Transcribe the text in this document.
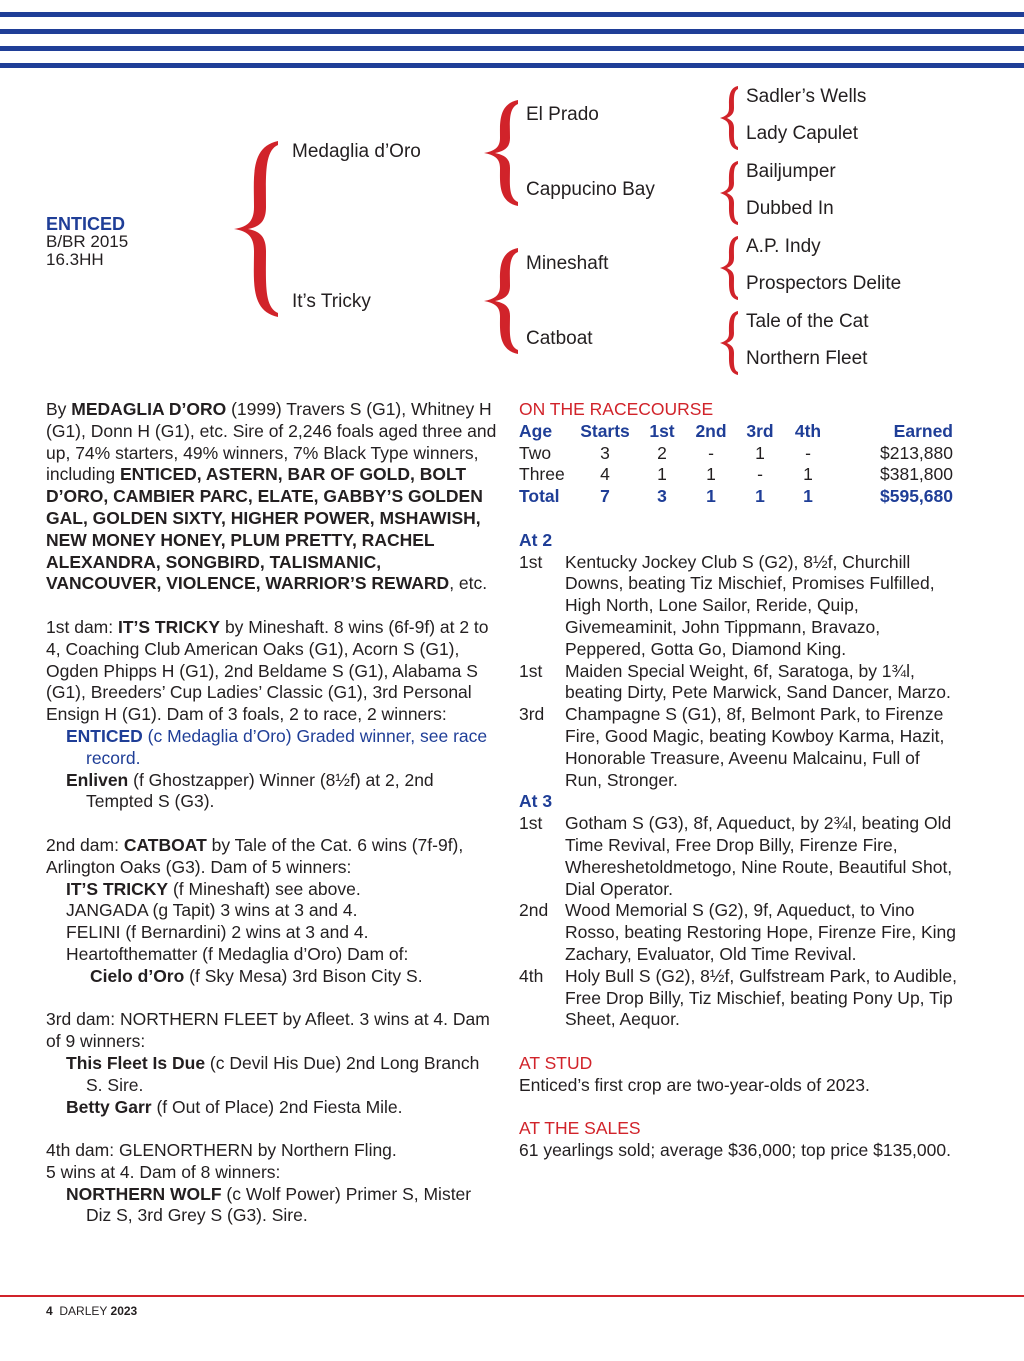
ENTICED
B/BR 2015
16.3HH
Medaglia d’Oro
It’s Tricky
El Prado
Cappucino Bay
Mineshaft
Catboat
Sadler’s Wells
Lady Capulet
Bailjumper
Dubbed In
A.P. Indy
Prospectors Delite
Tale of the Cat
Northern Fleet

By MEDAGLIA D’ORO (1999) Travers S (G1), Whitney H (G1), Donn H (G1), etc. Sire of 2,246 foals aged three and up, 74% starters, 49% winners, 7% Black Type winners, including ENTICED, ASTERN, BAR OF GOLD, BOLT D’ORO, CAMBIER PARC, ELATE, GABBY’S GOLDEN GAL, GOLDEN SIXTY, HIGHER POWER, MSHAWISH, NEW MONEY HONEY, PLUM PRETTY, RACHEL ALEXANDRA, SONGBIRD, TALISMANIC, VANCOUVER, VIOLENCE, WARRIOR’S REWARD, etc.

1st dam: IT’S TRICKY by Mineshaft. 8 wins (6f-9f) at 2 to 4, Coaching Club American Oaks (G1), Acorn S (G1), Ogden Phipps H (G1), 2nd Beldame S (G1), Alabama S (G1), Breeders’ Cup Ladies’ Classic (G1), 3rd Personal Ensign H (G1). Dam of 3 foals, 2 to race, 2 winners:

ENTICED (c Medaglia d’Oro) Graded winner, see race record.

Enliven (f Ghostzapper) Winner (8½f) at 2, 2nd Tempted S (G3).

2nd dam: CATBOAT by Tale of the Cat. 6 wins (7f-9f), Arlington Oaks (G3). Dam of 5 winners:

IT’S TRICKY (f Mineshaft) see above.

JANGADA (g Tapit) 3 wins at 3 and 4.

FELINI (f Bernardini) 2 wins at 3 and 4.

Heartofthematter (f Medaglia d’Oro) Dam of:

Cielo d’Oro (f Sky Mesa) 3rd Bison City S.

3rd dam: NORTHERN FLEET by Afleet. 3 wins at 4. Dam of 9 winners:

This Fleet Is Due (c Devil His Due) 2nd Long Branch S. Sire.

Betty Garr (f Out of Place) 2nd Fiesta Mile.

4th dam: GLENORTHERN by Northern Fling.

5 wins at 4. Dam of 8 winners:

NORTHERN WOLF (c Wolf Power) Primer S, Mister Diz S, 3rd Grey S (G3). Sire.

ON THE RACECOURSE

Age	Starts	1st	2nd	3rd	4th	Earned
Two	3	2	-	1	-	$213,880
Three	4	1	1	-	1	$381,800
Total	7	3	1	1	1	$595,680

At 2

1st	Kentucky Jockey Club S (G2), 8½f, Churchill Downs, beating Tiz Mischief, Promises Fulfilled, High North, Lone Sailor, Reride, Quip, Givemeaminit, John Tippmann, Bravazo, Peppered, Gotta Go, Diamond King.
1st	Maiden Special Weight, 6f, Saratoga, by 1¾l, beating Dirty, Pete Marwick, Sand Dancer, Marzo.
3rd	Champagne S (G1), 8f, Belmont Park, to Firenze Fire, Good Magic, beating Kowboy Karma, Hazit, Honorable Treasure, Aveenu Malcainu, Full of Run, Stronger.

At 3

1st	Gotham S (G3), 8f, Aqueduct, by 2¾l, beating Old Time Revival, Free Drop Billy, Firenze Fire, Whereshetoldmetogo, Nine Route, Beautiful Shot, Dial Operator.
2nd Wood Memorial S (G2), 9f, Aqueduct, to Vino Rosso, beating Restoring Hope, Firenze Fire, King Zachary, Evaluator, Old Time Revival.
4th	Holy Bull S (G2), 8½f, Gulfstream Park, to Audible, Free Drop Billy, Tiz Mischief, beating Pony Up, Tip Sheet, Aequor.

AT STUD

Enticed’s first crop are two-year-olds of 2023.

AT THE SALES

61 yearlings sold; average $36,000; top price $135,000.

4 DARLEY 2023
